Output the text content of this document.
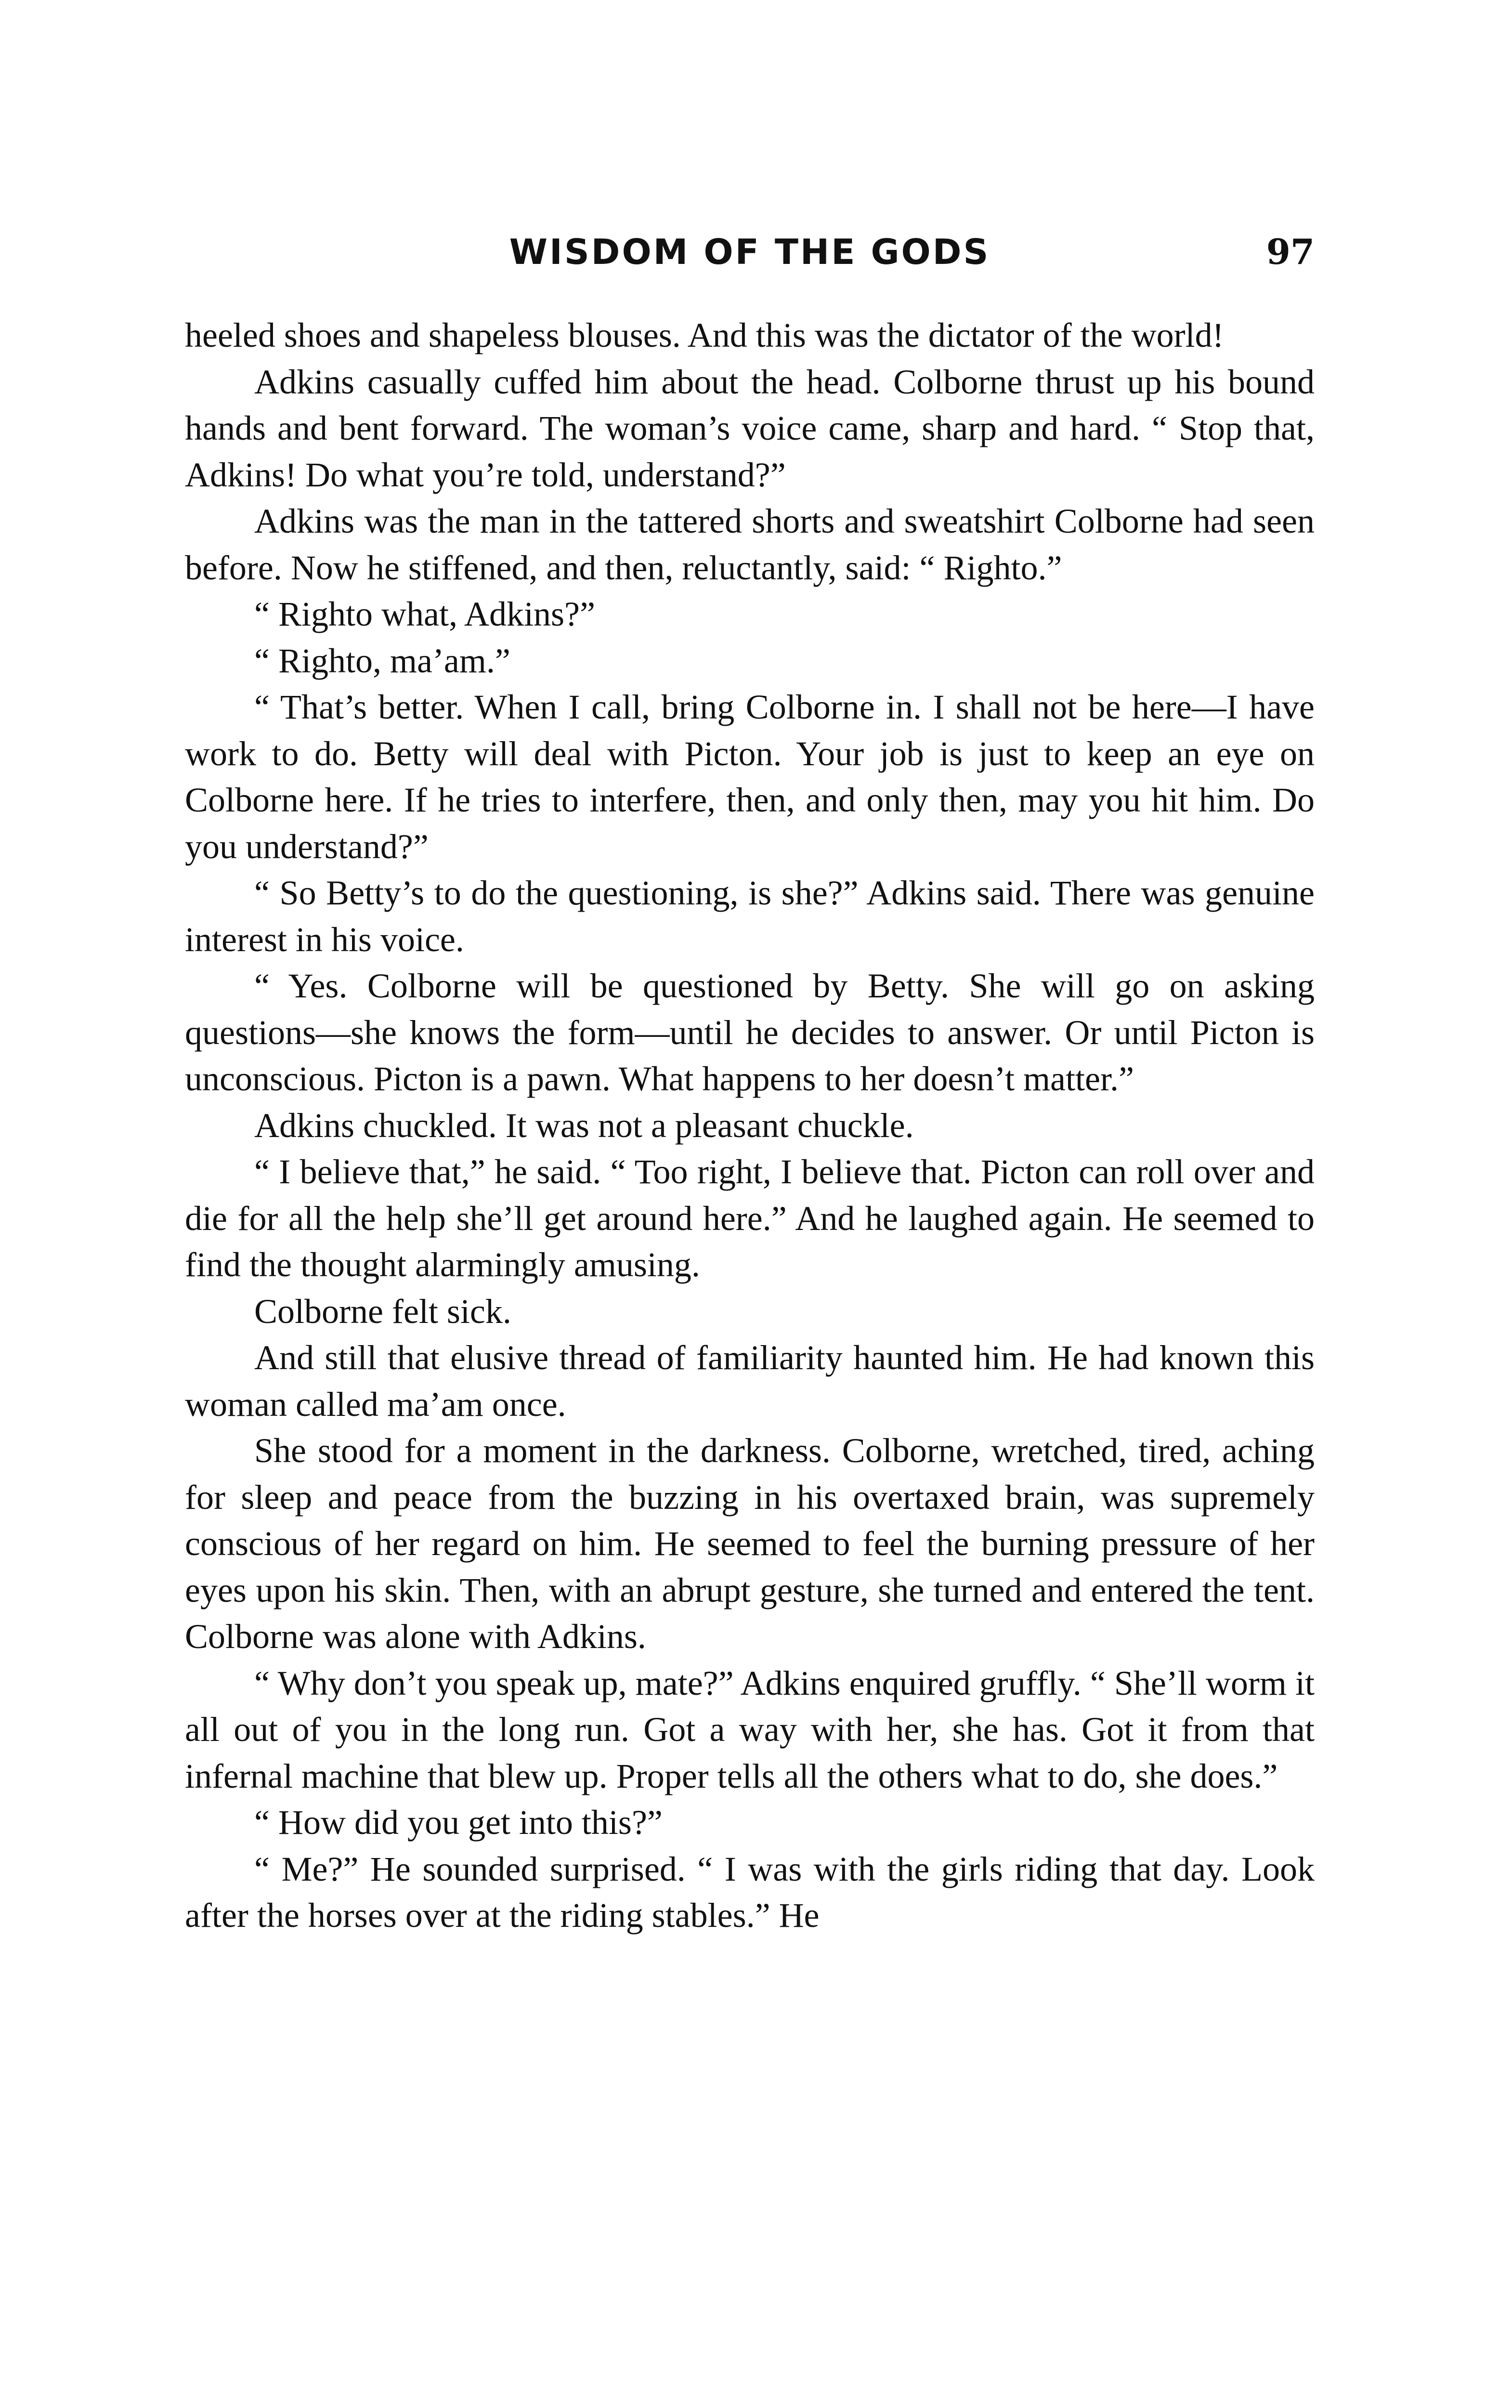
WISDOM OF THE GODS	97

heeled shoes and shapeless blouses. And this was the dictator of the world!

Adkins casually cuffed him about the head. Colborne thrust up his bound hands and bent forward. The woman’s voice came, sharp and hard. “ Stop that, Adkins! Do what you’re told, understand?”

Adkins was the man in the tattered shorts and sweatshirt Colborne had seen before. Now he stiffened, and then, reluctantly, said: “ Righto.”

“ Righto what, Adkins?”

“ Righto, ma’am.”

“ That’s better. When I call, bring Colborne in. I shall not be here—I have work to do. Betty will deal with Picton. Your job is just to keep an eye on Colborne here. If he tries to interfere, then, and only then, may you hit him. Do you understand?”

“ So Betty’s to do the questioning, is she?” Adkins said. There was genuine interest in his voice.

“ Yes. Colborne will be questioned by Betty. She will go on asking questions—she knows the form—until he decides to answer. Or until Picton is unconscious. Picton is a pawn. What happens to her doesn’t matter.”

Adkins chuckled. It was not a pleasant chuckle.

“ I believe that,” he said. “ Too right, I believe that. Picton can roll over and die for all the help she’ll get around here.” And he laughed again. He seemed to find the thought alarmingly amusing.

Colborne felt sick.

And still that elusive thread of familiarity haunted him. He had known this woman called ma’am once.

She stood for a moment in the darkness. Colborne, wretched, tired, aching for sleep and peace from the buzzing in his overtaxed brain, was supremely conscious of her regard on him. He seemed to feel the burning pressure of her eyes upon his skin. Then, with an abrupt gesture, she turned and entered the tent. Colborne was alone with Adkins.

“ Why don’t you speak up, mate?” Adkins enquired gruffly. “ She’ll worm it all out of you in the long run. Got a way with her, she has. Got it from that infernal machine that blew up. Proper tells all the others what to do, she does.”

“ How did you get into this?”

“ Me?” He sounded surprised. “ I was with the girls riding that day. Look after the horses over at the riding stables.” He
